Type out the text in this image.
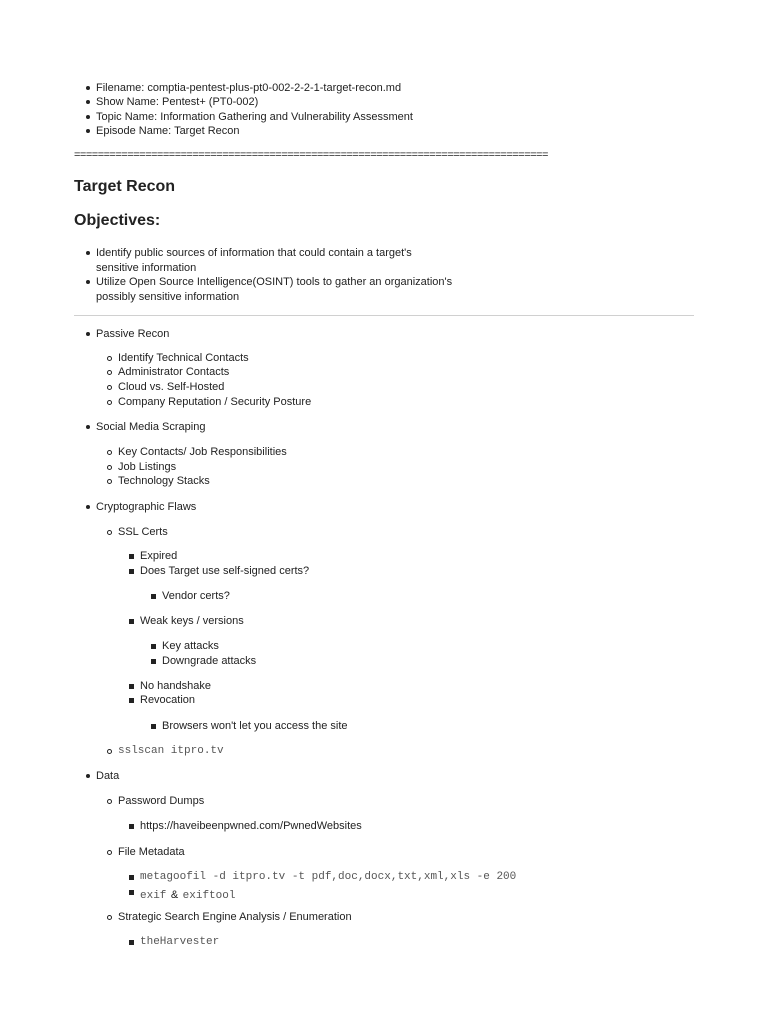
Filename: comptia-pentest-plus-pt0-002-2-2-1-target-recon.md
Show Name: Pentest+ (PT0-002)
Topic Name: Information Gathering and Vulnerability Assessment
Episode Name: Target Recon
================================================================================
Target Recon
Objectives:
Identify public sources of information that could contain a target's
sensitive information
Utilize Open Source Intelligence(OSINT) tools to gather an organization's
possibly sensitive information
Passive Recon
Identify Technical Contacts
Administrator Contacts
Cloud vs. Self-Hosted
Company Reputation / Security Posture
Social Media Scraping
Key Contacts/ Job Responsibilities
Job Listings
Technology Stacks
Cryptographic Flaws
SSL Certs
Expired
Does Target use self-signed certs?
Vendor certs?
Weak keys / versions
Key attacks
Downgrade attacks
No handshake
Revocation
Browsers won't let you access the site
sslscan itpro.tv
Data
Password Dumps
https://haveibeenpwned.com/PwnedWebsites
File Metadata
metagoofil -d itpro.tv -t pdf,doc,docx,txt,xml,xls -e 200
exif & exiftool
Strategic Search Engine Analysis / Enumeration
theHarvester
